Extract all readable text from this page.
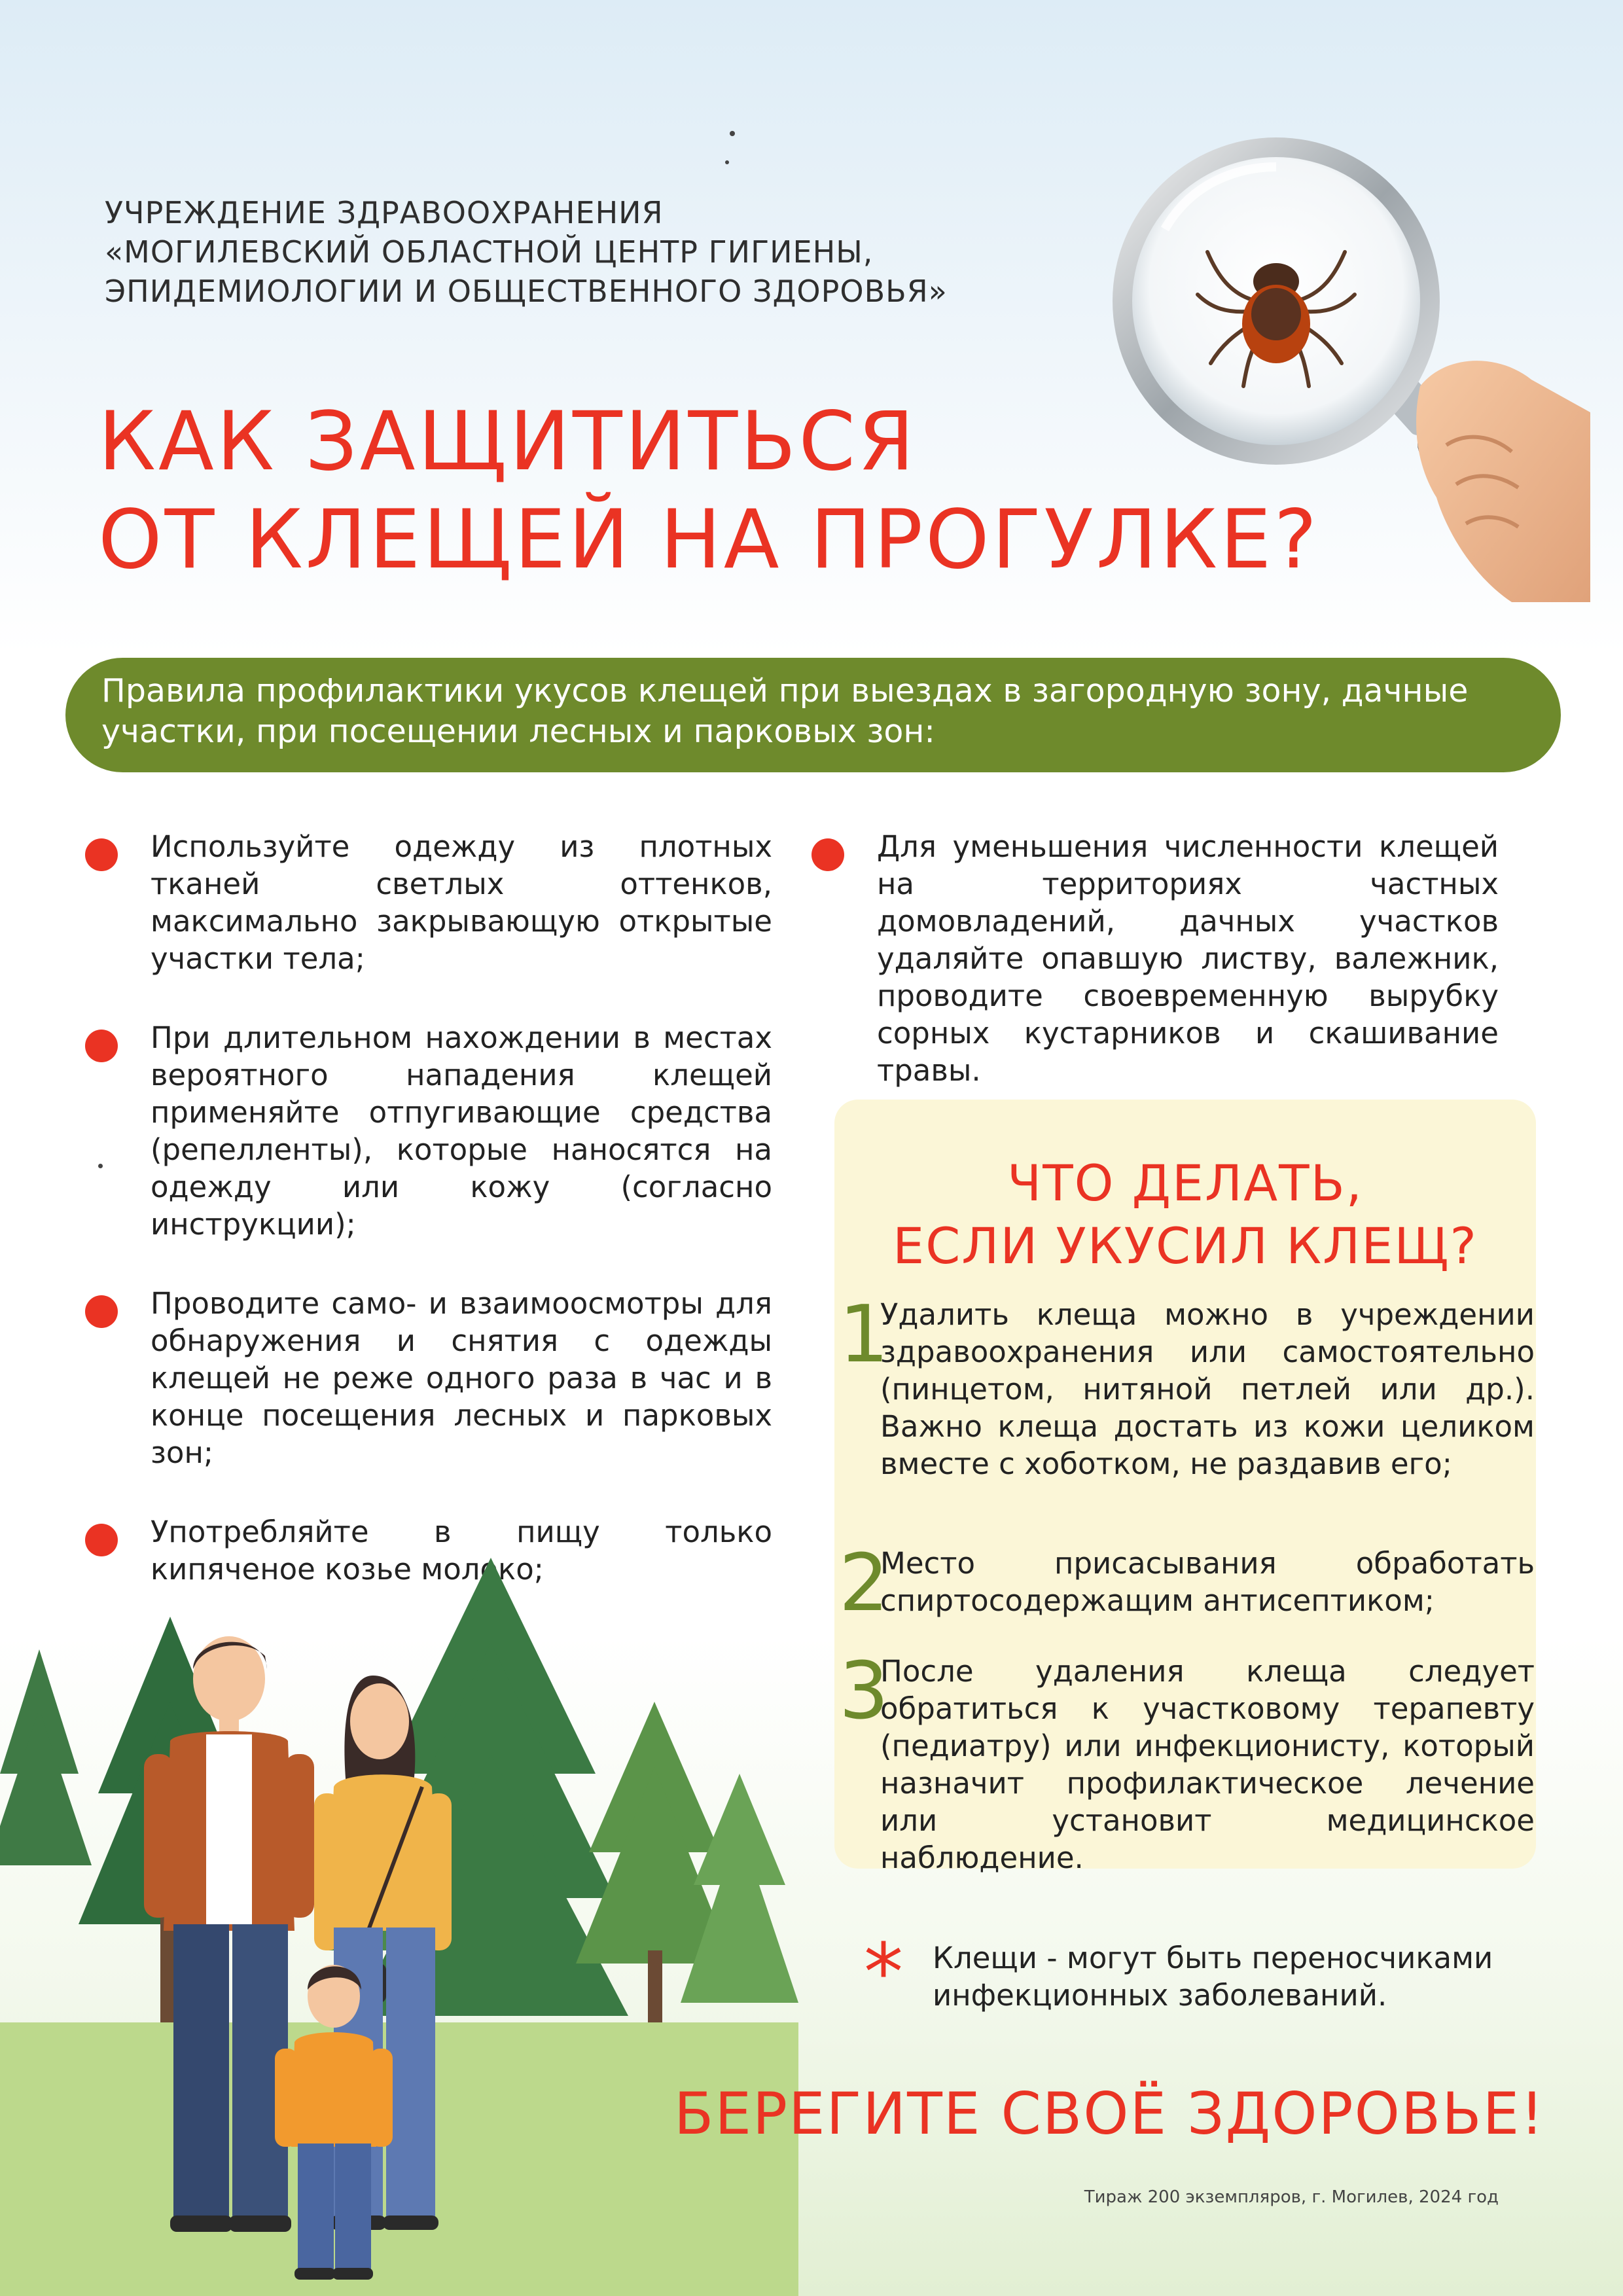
УЧРЕЖДЕНИЕ ЗДРАВООХРАНЕНИЯ
«МОГИЛЕВСКИЙ ОБЛАСТНОЙ ЦЕНТР ГИГИЕНЫ,
ЭПИДЕМИОЛОГИИ И ОБЩЕСТВЕННОГО ЗДОРОВЬЯ»
КАК ЗАЩИТИТЬСЯ
ОТ КЛЕЩЕЙ НА ПРОГУЛКЕ?
Правила профилактики укусов клещей при выездах в загородную зону, дачные участки, при посещении лесных и парковых зон:
Используйте одежду из плотных тканей светлых оттенков, максимально закрывающую открытые участки тела;
При длительном нахождении в местах вероятного нападения клещей применяйте отпугивающие средства (репелленты), которые наносятся на одежду или кожу (согласно инструкции);
Проводите само- и взаимоосмотры для обнаружения и снятия с одежды клещей не реже одного раза в час и в конце посещения лесных и парковых зон;
Употребляйте в пищу только кипяченое козье молоко;
Для уменьшения численности клещей на территориях частных домовладений, дачных участков удаляйте опавшую листву, валежник, проводите своевременную вырубку сорных кустарников и скашивание травы.
ЧТО ДЕЛАТЬ,
ЕСЛИ УКУСИЛ КЛЕЩ?
1
Удалить клеща можно в учреждении здравоохранения или самостоятельно (пинцетом, нитяной петлей или др.). Важно клеща достать из кожи целиком вместе с хоботком, не раздавив его;
2
Место присасывания обработать спиртосодержащим антисептиком;
3
После удаления клеща следует обратиться к участковому терапевту (педиатру) или инфекционисту, который назначит профилактическое лечение или установит медицинское наблюдение.
* Клещи - могут быть переносчиками инфекционных заболеваний.
БЕРЕГИТЕ СВОЁ ЗДОРОВЬЕ!
Тираж 200 экземпляров, г. Могилев, 2024 год
